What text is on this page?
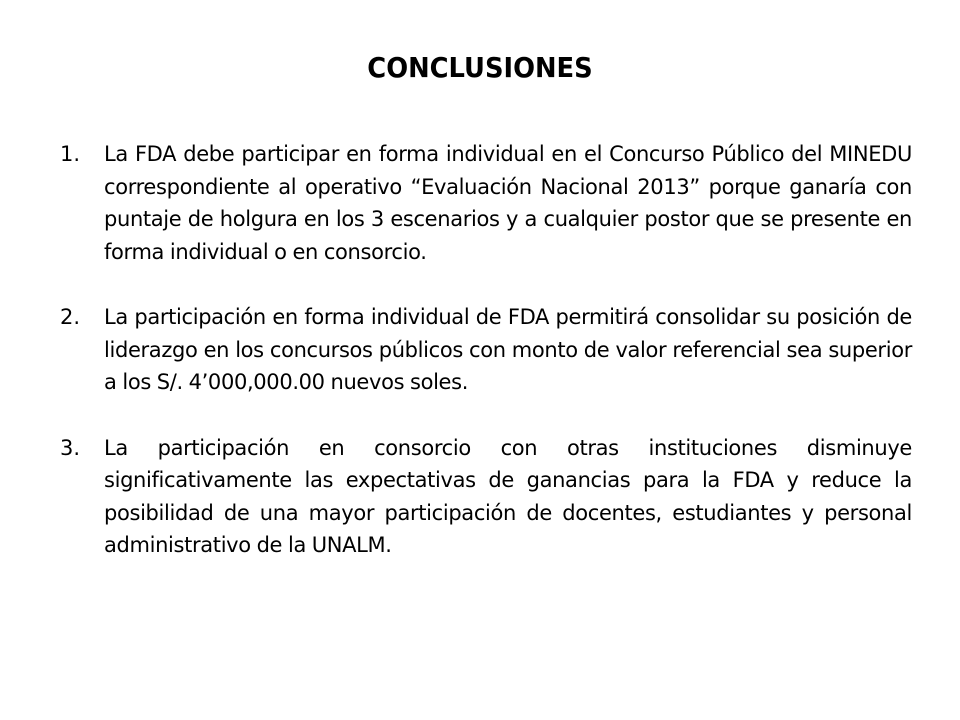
CONCLUSIONES
1. La FDA debe participar en forma individual en el Concurso Público del MINEDU correspondiente al operativo “Evaluación Nacional 2013” porque ganaría con puntaje de holgura en los 3 escenarios y a cualquier postor que se presente en forma individual o en consorcio.
2. La participación en forma individual de FDA permitirá consolidar su posición de liderazgo en los concursos públicos con monto de valor referencial sea superior a los S/. 4’000,000.00 nuevos soles.
3. La participación en consorcio con otras instituciones disminuye significativamente las expectativas de ganancias para la FDA y reduce la posibilidad de una mayor participación de docentes, estudiantes y personal administrativo de la UNALM.
